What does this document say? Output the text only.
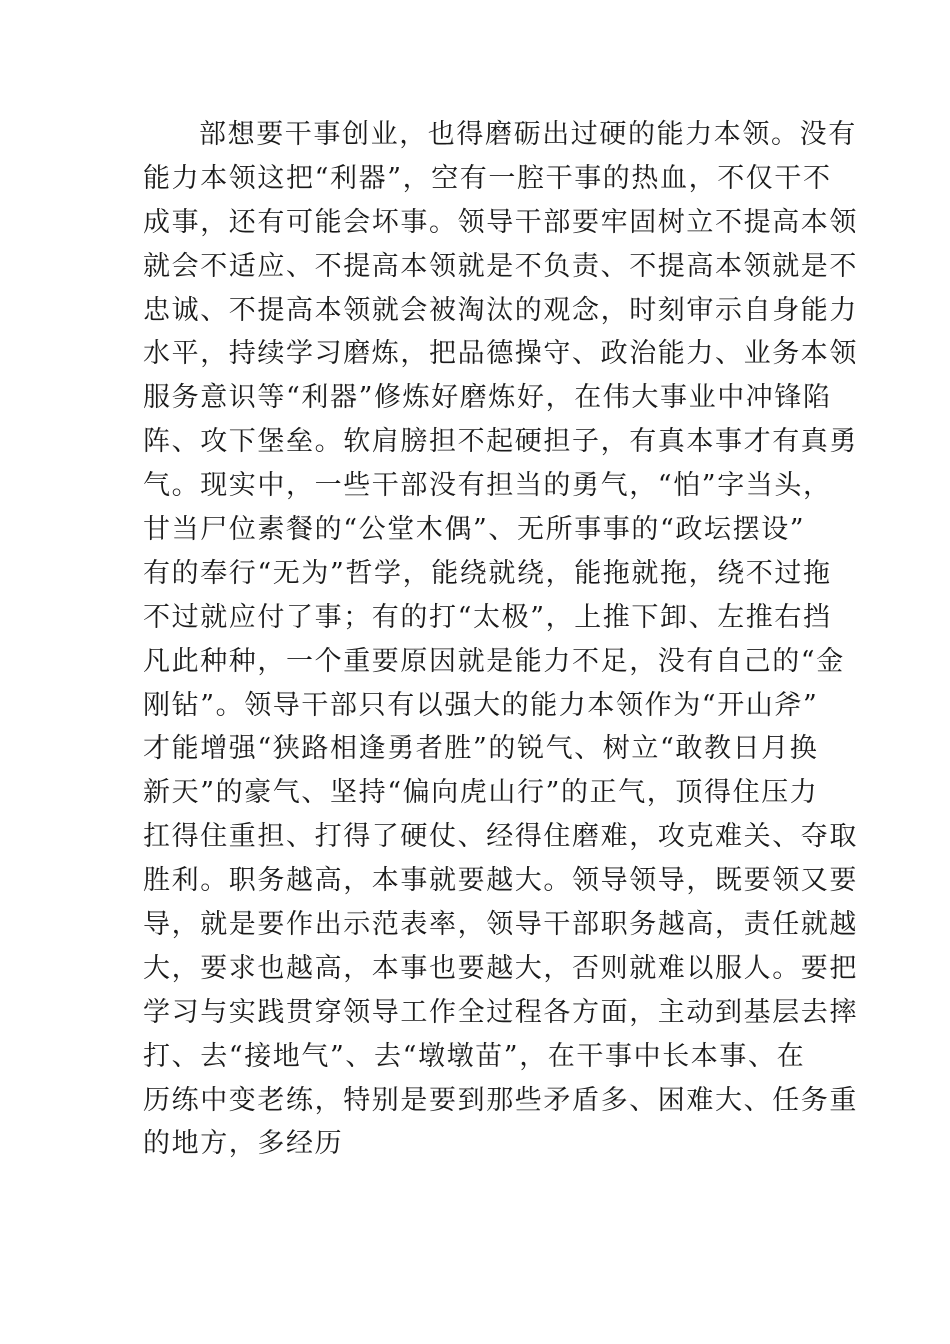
部想要干事创业，也得磨砺出过硬的能力本领。没有
能力本领这把“利器”，空有一腔干事的热血，不仅干不
成事，还有可能会坏事。领导干部要牢固树立不提高本领
就会不适应、不提高本领就是不负责、不提高本领就是不
忠诚、不提高本领就会被淘汰的观念，时刻审示自身能力
水平，持续学习磨炼，把品德操守、政治能力、业务本领
服务意识等“利器”修炼好磨炼好，在伟大事业中冲锋陷
阵、攻下堡垒。软肩膀担不起硬担子，有真本事才有真勇
气。现实中，一些干部没有担当的勇气，“怕”字当头，
甘当尸位素餐的“公堂木偶”、无所事事的“政坛摆设”
有的奉行“无为”哲学，能绕就绕，能拖就拖，绕不过拖
不过就应付了事；有的打“太极”，上推下卸、左推右挡
凡此种种，一个重要原因就是能力不足，没有自己的“金
刚钻”。领导干部只有以强大的能力本领作为“开山斧”
才能增强“狭路相逢勇者胜”的锐气、树立“敢教日月换
新天”的豪气、坚持“偏向虎山行”的正气，顶得住压力
扛得住重担、打得了硬仗、经得住磨难，攻克难关、夺取
胜利。职务越高，本事就要越大。领导领导，既要领又要
导，就是要作出示范表率，领导干部职务越高，责任就越
大，要求也越高，本事也要越大，否则就难以服人。要把
学习与实践贯穿领导工作全过程各方面，主动到基层去摔
打、去“接地气”、去“墩墩苗”，在干事中长本事、在
历练中变老练，特别是要到那些矛盾多、困难大、任务重
的地方，多经历
